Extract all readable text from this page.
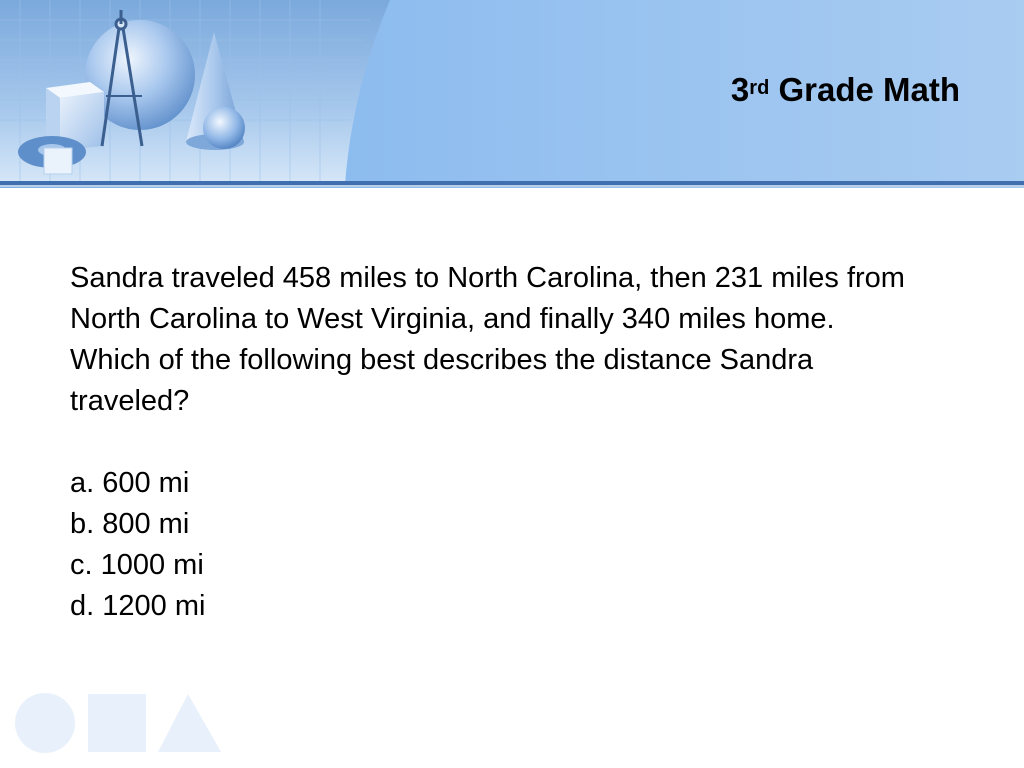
3rd Grade Math

Sandra traveled 458 miles to North Carolina, then 231 miles from North Carolina to West Virginia, and finally 340 miles home. Which of the following best describes the distance Sandra traveled?

a. 600 mi
b. 800 mi
c. 1000 mi
d. 1200 mi
